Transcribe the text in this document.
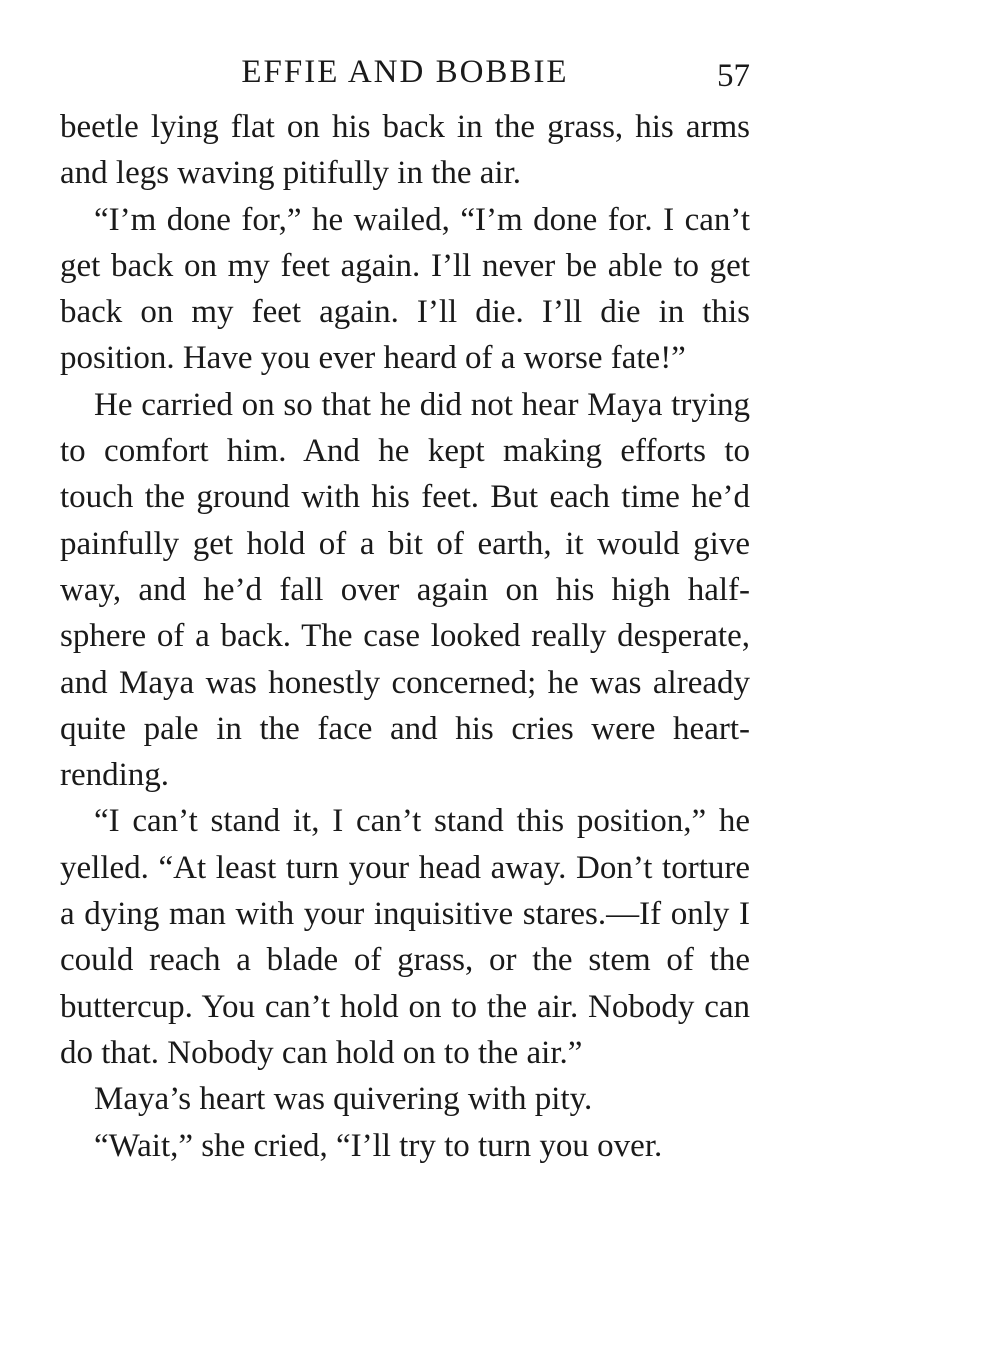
EFFIE AND BOBBIE	57

beetle lying flat on his back in the grass, his arms and legs waving pitifully in the air.

“I’m done for,” he wailed, “I’m done for. I can’t get back on my feet again. I’ll never be able to get back on my feet again. I’ll die. I’ll die in this position. Have you ever heard of a worse fate!”

He carried on so that he did not hear Maya trying to comfort him. And he kept making efforts to touch the ground with his feet. But each time he’d painfully get hold of a bit of earth, it would give way, and he’d fall over again on his high half-sphere of a back. The case looked really desperate, and Maya was honestly concerned; he was already quite pale in the face and his cries were heart-rending.

“I can’t stand it, I can’t stand this position,” he yelled. “At least turn your head away. Don’t torture a dying man with your inquisitive stares.—If only I could reach a blade of grass, or the stem of the buttercup. You can’t hold on to the air. Nobody can do that. Nobody can hold on to the air.”

Maya’s heart was quivering with pity.

“Wait,” she cried, “I’ll try to turn you over.
